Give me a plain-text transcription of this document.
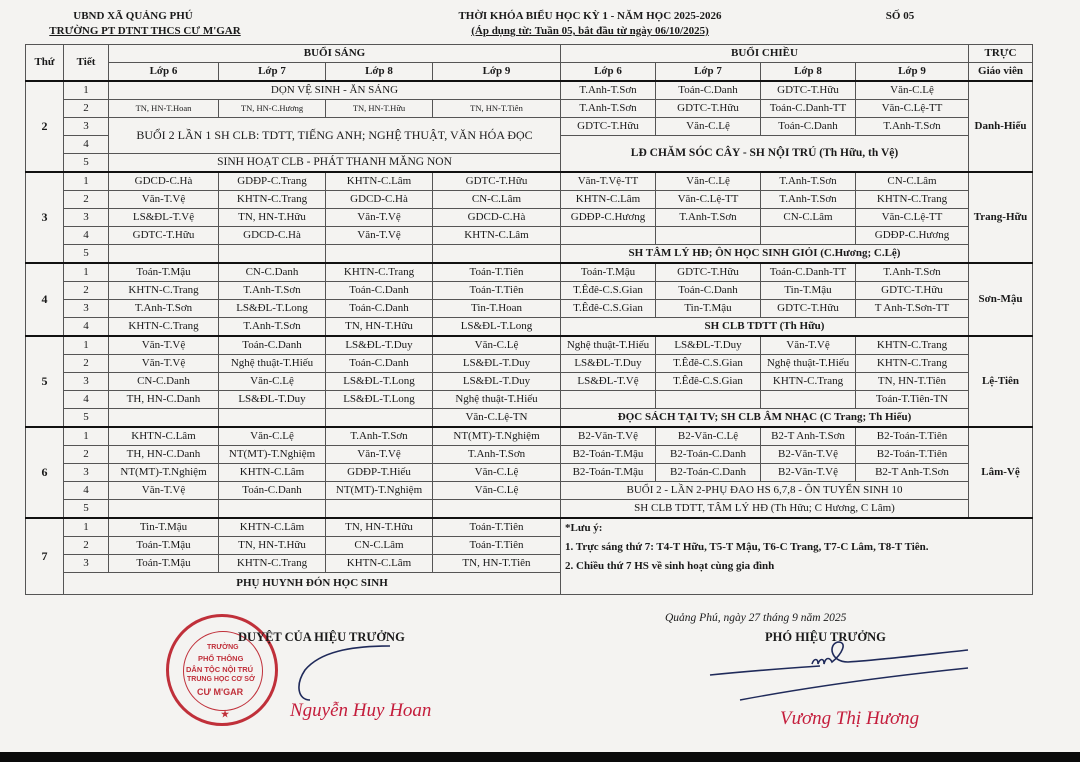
UBND XÃ QUẢNG PHÚ
TRƯỜNG PT DTNT THCS CƯ M'GAR
THỜI KHÓA BIỂU HỌC KỲ 1 - NĂM HỌC 2025-2026
(Áp dụng từ: Tuần 05, bắt đầu từ ngày 06/10/2025)
SỐ 05
Thứ	Tiết	BUỔI SÁNG				BUỔI CHIỀU				TRỰC
		Lớp 6	Lớp 7	Lớp 8	Lớp 9	Lớp 6	Lớp 7	Lớp 8	Lớp 9	Giáo viên
2	1	DỌN VỆ SINH - ĂN SÁNG				T.Anh-T.Sơn	Toán-C.Danh	GDTC-T.Hữu	Văn-C.Lệ	Danh-Hiếu
	2	TN, HN-T.Hoan	TN, HN-C.Hương	TN, HN-T.Hữu	TN, HN-T.Tiên	T.Anh-T.Sơn	GDTC-T.Hữu	Toán-C.Danh-TT	Văn-C.Lệ-TT	
	3	BUỔI 2 LẦN 1 SH CLB: TDTT, TIẾNG ANH; NGHỆ THUẬT, VĂN HÓA ĐỌC				GDTC-T.Hữu	Văn-C.Lệ	Toán-C.Danh	T.Anh-T.Sơn	
	4					LĐ CHĂM SÓC CÂY - SH NỘI TRÚ (Th Hữu, th Vệ)				
	5	SINH HOẠT CLB - PHÁT THANH MĂNG NON								
3	1	GDCD-C.Hà	GDĐP-C.Trang	KHTN-C.Lâm	GDTC-T.Hữu	Văn-T.Vệ-TT	Văn-C.Lệ	T.Anh-T.Sơn	CN-C.Lâm	Trang-Hữu
	2	Văn-T.Vệ	KHTN-C.Trang	GDCD-C.Hà	CN-C.Lâm	KHTN-C.Lâm	Văn-C.Lệ-TT	T.Anh-T.Sơn	KHTN-C.Trang	
	3	LS&ĐL-T.Vệ	TN, HN-T.Hữu	Văn-T.Vệ	GDCD-C.Hà	GDĐP-C.Hương	T.Anh-T.Sơn	CN-C.Lâm	Văn-C.Lệ-TT	
	4	GDTC-T.Hữu	GDCD-C.Hà	Văn-T.Vệ	KHTN-C.Lâm				GDĐP-C.Hương	
	5					SH TÂM LÝ HĐ; ÔN HỌC SINH GIỎI (C.Hương; C.Lệ)				
4	1	Toán-T.Mậu	CN-C.Danh	KHTN-C.Trang	Toán-T.Tiên	Toán-T.Mậu	GDTC-T.Hữu	Toán-C.Danh-TT	T.Anh-T.Sơn	Sơn-Mậu
	2	KHTN-C.Trang	T.Anh-T.Sơn	Toán-C.Danh	Toán-T.Tiên	T.Êđê-C.S.Gian	Toán-C.Danh	Tin-T.Mậu	GDTC-T.Hữu	
	3	T.Anh-T.Sơn	LS&ĐL-T.Long	Toán-C.Danh	Tin-T.Hoan	T.Êđê-C.S.Gian	Tin-T.Mậu	GDTC-T.Hữu	T Anh-T.Sơn-TT	
	4	KHTN-C.Trang	T.Anh-T.Sơn	TN, HN-T.Hữu	LS&ĐL-T.Long	SH CLB TDTT (Th Hữu)				
5	1	Văn-T.Vệ	Toán-C.Danh	LS&ĐL-T.Duy	Văn-C.Lệ	Nghệ thuật-T.Hiếu	LS&ĐL-T.Duy	Văn-T.Vệ	KHTN-C.Trang	Lệ-Tiên
	2	Văn-T.Vệ	Nghệ thuật-T.Hiếu	Toán-C.Danh	LS&ĐL-T.Duy	LS&ĐL-T.Duy	T.Êđê-C.S.Gian	Nghệ thuật-T.Hiếu	KHTN-C.Trang	
	3	CN-C.Danh	Văn-C.Lệ	LS&ĐL-T.Long	LS&ĐL-T.Duy	LS&ĐL-T.Vệ	T.Êđê-C.S.Gian	KHTN-C.Trang	TN, HN-T.Tiên	
	4	TH, HN-C.Danh	LS&ĐL-T.Duy	LS&ĐL-T.Long	Nghệ thuật-T.Hiếu				Toán-T.Tiên-TN	
	5				Văn-C.Lệ-TN	ĐỌC SÁCH TẠI TV; SH CLB ÂM NHẠC (C Trang; Th Hiếu)				
6	1	KHTN-C.Lâm	Văn-C.Lệ	T.Anh-T.Sơn	NT(MT)-T.Nghiệm	B2-Văn-T.Vệ	B2-Văn-C.Lệ	B2-T Anh-T.Sơn	B2-Toán-T.Tiên	Lâm-Vệ
	2	TH, HN-C.Danh	NT(MT)-T.Nghiệm	Văn-T.Vệ	T.Anh-T.Sơn	B2-Toán-T.Mậu	B2-Toán-C.Danh	B2-Văn-T.Vệ	B2-Toán-T.Tiên	
	3	NT(MT)-T.Nghiệm	KHTN-C.Lâm	GDĐP-T.Hiếu	Văn-C.Lệ	B2-Toán-T.Mậu	B2-Toán-C.Danh	B2-Văn-T.Vệ	B2-T Anh-T.Sơn	
	4	Văn-T.Vệ	Toán-C.Danh	NT(MT)-T.Nghiệm	Văn-C.Lệ	BUỔI 2 - LẦN 2-PHỤ ĐAO HS 6,7,8 - ÔN TUYỂN SINH 10				
	5					SH CLB TDTT, TÂM LÝ HĐ (Th Hữu; C Hương, C Lâm)				
7	1	Tin-T.Mậu	KHTN-C.Lâm	TN, HN-T.Hữu	Toán-T.Tiên	*Lưu ý:
1. Trực sáng thứ 7: T4-T Hữu, T5-T Mậu, T6-C Trang, T7-C Lâm, T8-T Tiên.
2. Chiều thứ 7 HS về sinh hoạt cùng gia đình				

	2	Toán-T.Mậu	TN, HN-T.Hữu	CN-C.Lâm	Toán-T.Tiên					
	3	Toán-T.Mậu	KHTN-C.Trang	KHTN-C.Lâm	TN, HN-T.Tiên					
	PHỤ HUYNH ĐÓN HỌC SINH									
TRƯỜNG
PHỔ THÔNG
DÂN TỘC NỘI TRÚ
TRUNG HỌC CƠ SỞ
CƯ M'GAR
★
DUYỆT CỦA HIỆU TRƯỞNG
Nguyễn Huy Hoan
Quảng Phú, ngày 27 tháng 9 năm 2025
PHÓ HIỆU TRƯỞNG
Vương Thị Hương
